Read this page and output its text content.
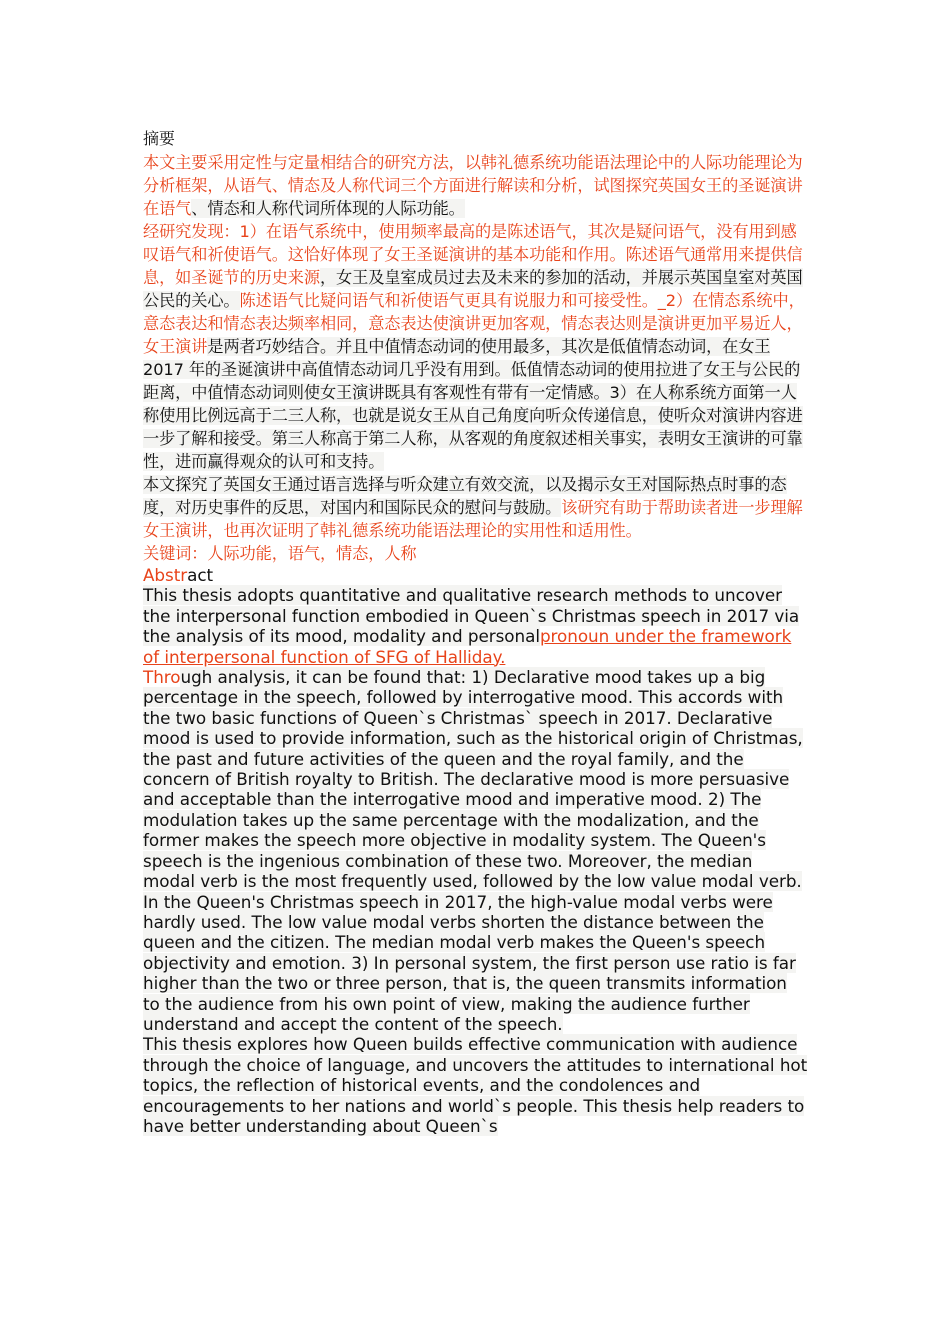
摘要

本文主要采用定性与定量相结合的研究方法，以韩礼德系统功能语法理论中的人际功能理论为分析框架，从语气、情态及人称代词三个方面进行解读和分析，试图探究英国女王的圣诞演讲在语气、情态和人称代词所体现的人际功能。

经研究发现：1）在语气系统中，使用频率最高的是陈述语气，其次是疑问语气，没有用到感叹语气和祈使语气。这恰好体现了女王圣诞演讲的基本功能和作用。陈述语气通常用来提供信息，如圣诞节的历史来源，女王及皇室成员过去及未来的参加的活动，并展示英国皇室对英国公民的关心。陈述语气比疑问语气和祈使语气更具有说服力和可接受性。_2）在情态系统中，意态表达和情态表达频率相同，意态表达使演讲更加客观，情态表达则是演讲更加平易近人，女王演讲是两者巧妙结合。并且中值情态动词的使用最多，其次是低值情态动词，在女王 2017 年的圣诞演讲中高值情态动词几乎没有用到。低值情态动词的使用拉进了女王与公民的距离，中值情态动词则使女王演讲既具有客观性有带有一定情感。3）在人称系统方面第一人称使用比例远高于二三人称，也就是说女王从自己角度向听众传递信息，使听众对演讲内容进一步了解和接受。第三人称高于第二人称，从客观的角度叙述相关事实，表明女王演讲的可靠性，进而赢得观众的认可和支持。

本文探究了英国女王通过语言选择与听众建立有效交流，以及揭示女王对国际热点时事的态度，对历史事件的反思，对国内和国际民众的慰问与鼓励。该研究有助于帮助读者进一步理解女王演讲，也再次证明了韩礼德系统功能语法理论的实用性和适用性。

关键词：人际功能，语气，情态，人称

Abstract

This thesis adopts quantitative and qualitative research methods to uncover the interpersonal function embodied in Queen`s Christmas speech in 2017 via the analysis of its mood, modality and personalpronoun under the framework of interpersonal function of SFG of Halliday.

Through analysis, it can be found that: 1) Declarative mood takes up a big percentage in the speech, followed by interrogative mood. This accords with the two basic functions of Queen`s Christmas` speech in 2017. Declarative mood is used to provide information, such as the historical origin of Christmas, the past and future activities of the queen and the royal family, and the concern of British royalty to British. The declarative mood is more persuasive and acceptable than the interrogative mood and imperative mood. 2) The modulation takes up the same percentage with the modalization, and the former makes the speech more objective in modality system. The Queen's speech is the ingenious combination of these two. Moreover, the median modal verb is the most frequently used, followed by the low value modal verb. In the Queen's Christmas speech in 2017, the high-value modal verbs were hardly used. The low value modal verbs shorten the distance between the queen and the citizen. The median modal verb makes the Queen's speech objectivity and emotion. 3) In personal system, the first person use ratio is far higher than the two or three person, that is, the queen transmits information to the audience from his own point of view, making the audience further understand and accept the content of the speech.

This thesis explores how Queen builds effective communication with audience through the choice of language, and uncovers the attitudes to international hot topics, the reflection of historical events, and the condolences and encouragements to her nations and world`s people. This thesis help readers to have better understanding about Queen`s
